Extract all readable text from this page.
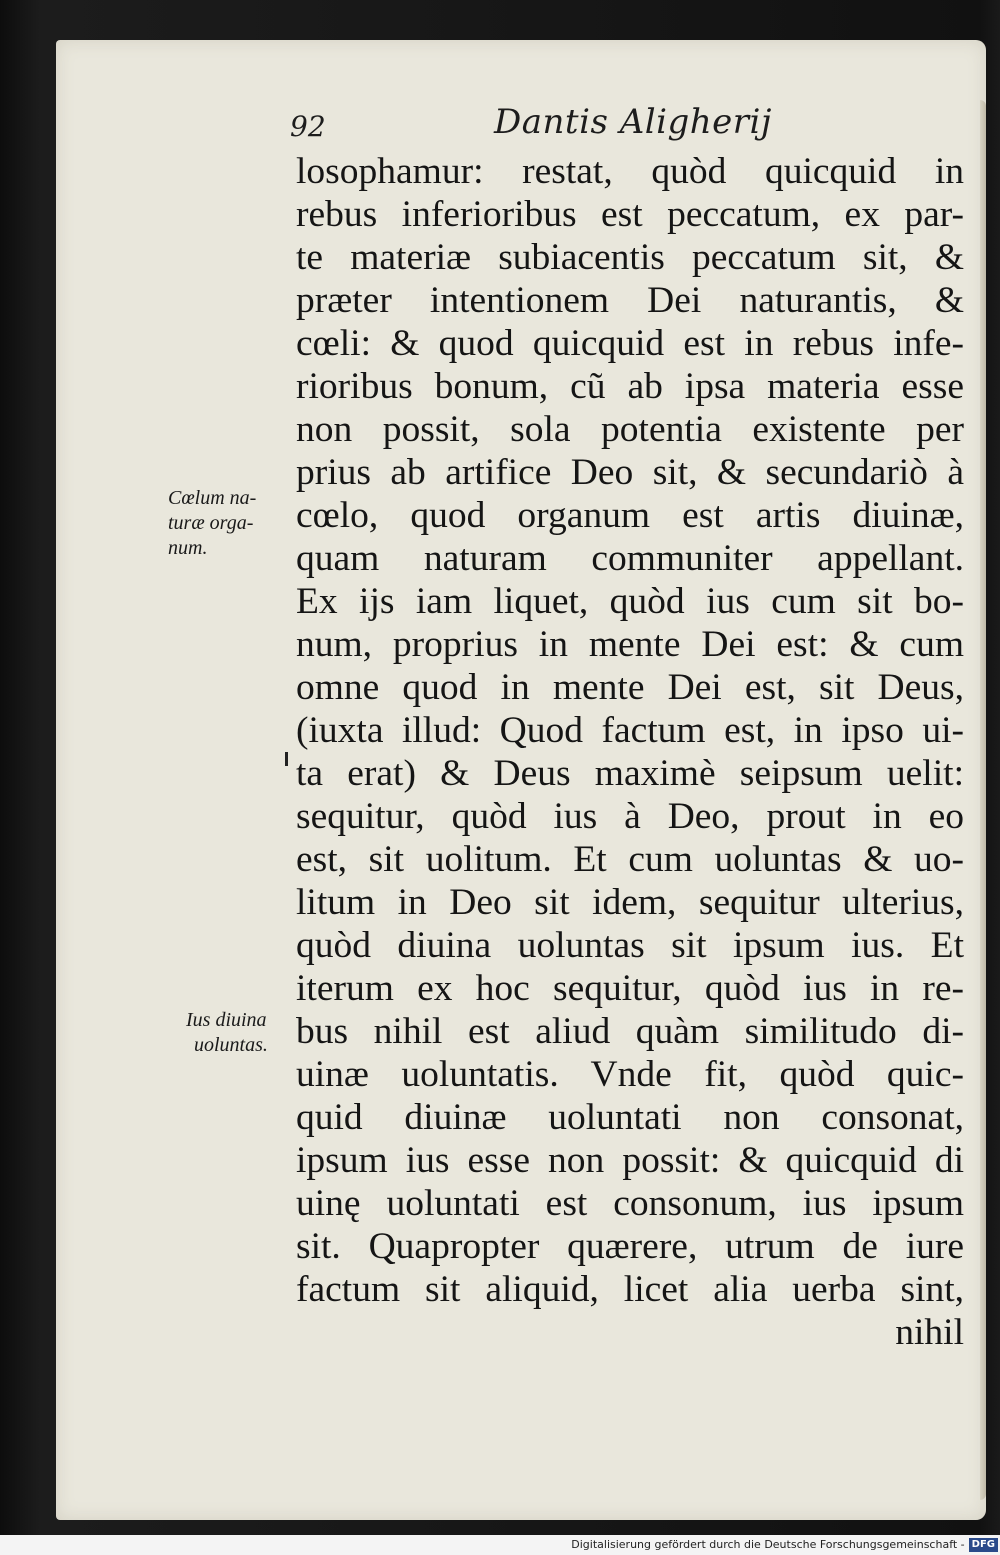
92	Dantis Aligherij
losophamur: restat, quòd quicquid in
rebus inferioribus est peccatum, ex par-
te materiæ subiacentis peccatum sit, &
præter intentionem Dei naturantis, &
cœli: & quod quicquid est in rebus infe-
rioribus bonum, cũ ab ipsa materia esse
non possit, sola potentia existente per
prius ab artifice Deo sit, & secundariò à
cœlo, quod organum est artis diuinæ,
quam naturam communiter appellant.
Ex ijs iam liquet, quòd ius cum sit bo-
num, proprius in mente Dei est: & cum
omne quod in mente Dei est, sit Deus,
(iuxta illud: Quod factum est, in ipso ui-
ta erat) & Deus maximè seipsum uelit:
sequitur, quòd ius à Deo, prout in eo
est, sit uolitum. Et cum uoluntas & uo-
litum in Deo sit idem, sequitur ulterius,
quòd diuina uoluntas sit ipsum ius. Et
iterum ex hoc sequitur, quòd ius in re-
bus nihil est aliud quàm similitudo di-
uinæ uoluntatis. Vnde fit, quòd quic-
quid diuinæ uoluntati non consonat,
ipsum ius esse non possit: & quicquid di
uinę uoluntati est consonum, ius ipsum
sit. Quapropter quærere, utrum de iure
factum sit aliquid, licet alia uerba sint,
nihil
Cœlum na-
turæ orga-
num.
Ius diuina
uoluntas.
Digitalisierung gefördert durch die Deutsche Forschungsgemeinschaft - DFG
